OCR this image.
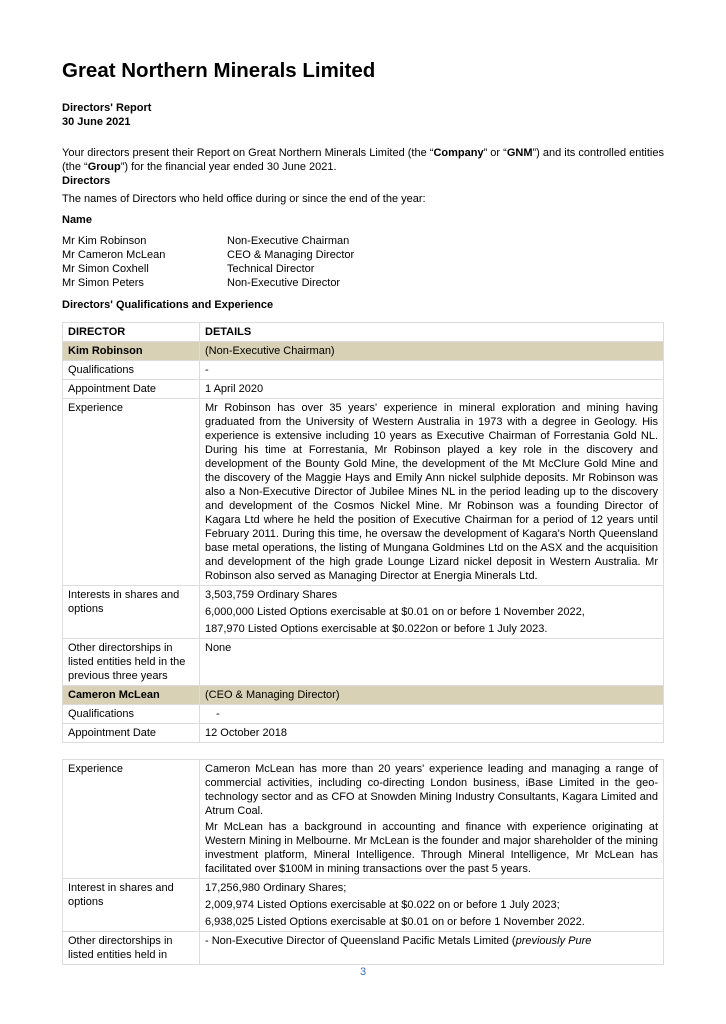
Great Northern Minerals Limited
Directors' Report
30 June 2021
Your directors present their Report on Great Northern Minerals Limited (the “Company” or “GNM”) and its controlled entities (the “Group”) for the financial year ended 30 June 2021.
Directors
The names of Directors who held office during or since the end of the year:
Name
Mr Kim Robinson	Non-Executive Chairman
Mr Cameron McLean	CEO & Managing Director
Mr Simon Coxhell	Technical Director
Mr Simon Peters	Non-Executive Director
Directors' Qualifications and Experience
DIRECTOR	DETAILS
Kim Robinson	(Non-Executive Chairman)
Qualifications	-
Appointment Date	1 April 2020
Experience	Mr Robinson has over 35 years' experience in mineral exploration and mining having graduated from the University of Western Australia in 1973 with a degree in Geology. His experience is extensive including 10 years as Executive Chairman of Forrestania Gold NL. During his time at Forrestania, Mr Robinson played a key role in the discovery and development of the Bounty Gold Mine, the development of the Mt McClure Gold Mine and the discovery of the Maggie Hays and Emily Ann nickel sulphide deposits. Mr Robinson was also a Non-Executive Director of Jubilee Mines NL in the period leading up to the discovery and development of the Cosmos Nickel Mine. Mr Robinson was a founding Director of Kagara Ltd where he held the position of Executive Chairman for a period of 12 years until February 2011. During this time, he oversaw the development of Kagara's North Queensland base metal operations, the listing of Mungana Goldmines Ltd on the ASX and the acquisition and development of the high grade Lounge Lizard nickel deposit in Western Australia. Mr Robinson also served as Managing Director at Energia Minerals Ltd.
Interests in shares and options	3,503,759 Ordinary Shares
6,000,000 Listed Options exercisable at $0.01 on or before 1 November 2022,
187,970 Listed Options exercisable at $0.022on or before 1 July 2023.

Other directorships in listed entities held in the previous three years	None
Cameron McLean	(CEO & Managing Director)
Qualifications	-
Appointment Date	12 October 2018
Experience	Cameron McLean has more than 20 years' experience leading and managing a range of commercial activities, including co-directing London business, iBase Limited in the geo-technology sector and as CFO at Snowden Mining Industry Consultants, Kagara Limited and Atrum Coal.
Mr McLean has a background in accounting and finance with experience originating at Western Mining in Melbourne. Mr McLean is the founder and major shareholder of the mining investment platform, Mineral Intelligence. Through Mineral Intelligence, Mr McLean has facilitated over $100M in mining transactions over the past 5 years.

Interest in shares and options	17,256,980 Ordinary Shares;
2,009,974 Listed Options exercisable at $0.022 on or before 1 July 2023;
6,938,025 Listed Options exercisable at $0.01 on or before 1 November 2022.

Other directorships in listed entities held in	- Non-Executive Director of Queensland Pacific Metals Limited (previously Pure
3
